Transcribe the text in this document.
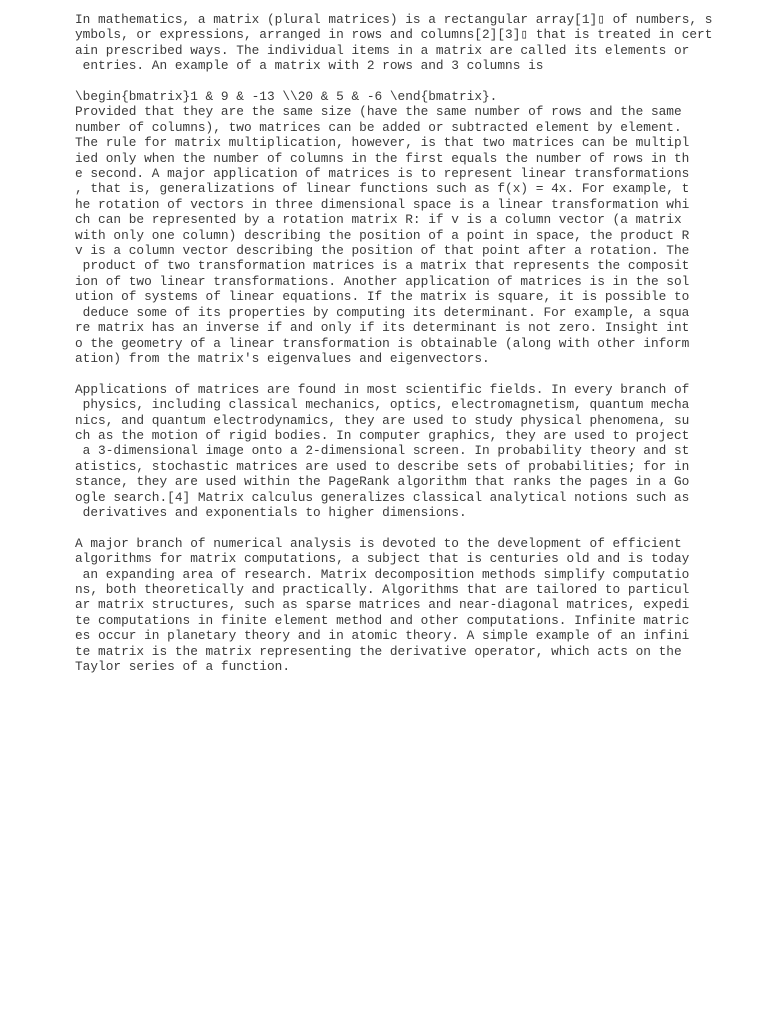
In mathematics, a matrix (plural matrices) is a rectangular array[1]▯ of numbers, s
ymbols, or expressions, arranged in rows and columns[2][3]▯ that is treated in cert
ain prescribed ways. The individual items in a matrix are called its elements or
entries. An example of a matrix with 2 rows and 3 columns is
\begin{bmatrix}1 & 9 & -13 \\20 & 5 & -6 \end{bmatrix}.
Provided that they are the same size (have the same number of rows and the same
number of columns), two matrices can be added or subtracted element by element.
The rule for matrix multiplication, however, is that two matrices can be multipl
ied only when the number of columns in the first equals the number of rows in th
e second. A major application of matrices is to represent linear transformations
, that is, generalizations of linear functions such as f(x) = 4x. For example, t
he rotation of vectors in three dimensional space is a linear transformation whi
ch can be represented by a rotation matrix R: if v is a column vector (a matrix
with only one column) describing the position of a point in space, the product R
v is a column vector describing the position of that point after a rotation. The
product of two transformation matrices is a matrix that represents the composit
ion of two linear transformations. Another application of matrices is in the sol
ution of systems of linear equations. If the matrix is square, it is possible to
deduce some of its properties by computing its determinant. For example, a squa
re matrix has an inverse if and only if its determinant is not zero. Insight int
o the geometry of a linear transformation is obtainable (along with other inform
ation) from the matrix's eigenvalues and eigenvectors.
Applications of matrices are found in most scientific fields. In every branch of
physics, including classical mechanics, optics, electromagnetism, quantum mecha
nics, and quantum electrodynamics, they are used to study physical phenomena, su
ch as the motion of rigid bodies. In computer graphics, they are used to project
a 3-dimensional image onto a 2-dimensional screen. In probability theory and st
atistics, stochastic matrices are used to describe sets of probabilities; for in
stance, they are used within the PageRank algorithm that ranks the pages in a Go
ogle search.[4] Matrix calculus generalizes classical analytical notions such as
derivatives and exponentials to higher dimensions.
A major branch of numerical analysis is devoted to the development of efficient
algorithms for matrix computations, a subject that is centuries old and is today
an expanding area of research. Matrix decomposition methods simplify computatio
ns, both theoretically and practically. Algorithms that are tailored to particul
ar matrix structures, such as sparse matrices and near-diagonal matrices, expedi
te computations in finite element method and other computations. Infinite matric
es occur in planetary theory and in atomic theory. A simple example of an infini
te matrix is the matrix representing the derivative operator, which acts on the
Taylor series of a function.
